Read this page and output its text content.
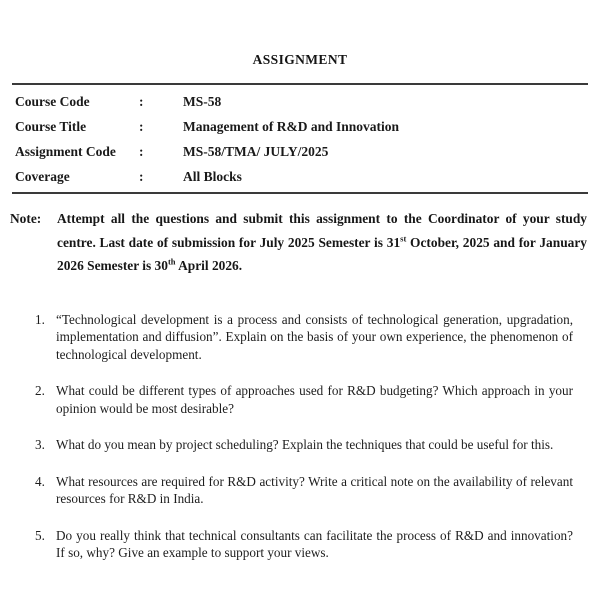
ASSIGNMENT
Course Code	:	MS-58
Course Title	:	Management of R&D and Innovation
Assignment Code	:	MS-58/TMA/ JULY/2025
Coverage	:	All Blocks
Note:	Attempt all the questions and submit this assignment to the Coordinator of your study centre. Last date of submission for July 2025 Semester is 31st October, 2025 and for January 2026 Semester is 30th April 2026.
1. “Technological development is a process and consists of technological generation, upgradation, implementation and diffusion”. Explain on the basis of your own experience, the phenomenon of technological development.
2. What could be different types of approaches used for R&D budgeting? Which approach in your opinion would be most desirable?
3. What do you mean by project scheduling? Explain the techniques that could be useful for this.
4. What resources are required for R&D activity? Write a critical note on the availability of relevant resources for R&D in India.
5. Do you really think that technical consultants can facilitate the process of R&D and innovation? If so, why? Give an example to support your views.
